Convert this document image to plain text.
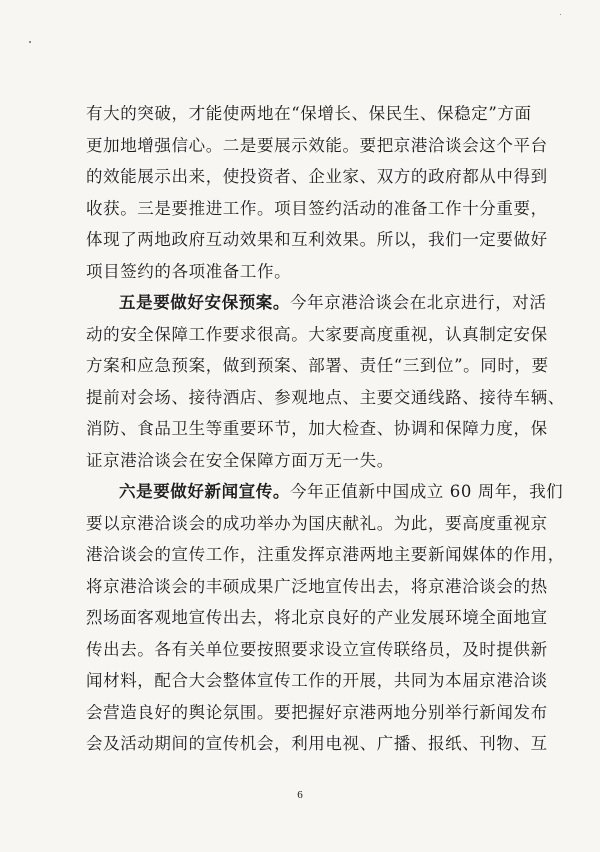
有大的突破，才能使两地在“保增长、保民生、保稳定”方面
更加地增强信心。二是要展示效能。要把京港洽谈会这个平台
的效能展示出来，使投资者、企业家、双方的政府都从中得到
收获。三是要推进工作。项目签约活动的准备工作十分重要，
体现了两地政府互动效果和互利效果。所以，我们一定要做好
项目签约的各项准备工作。
五是要做好安保预案。今年京港洽谈会在北京进行，对活
动的安全保障工作要求很高。大家要高度重视，认真制定安保
方案和应急预案，做到预案、部署、责任“三到位”。同时，要
提前对会场、接待酒店、参观地点、主要交通线路、接待车辆、
消防、食品卫生等重要环节，加大检查、协调和保障力度，保
证京港洽谈会在安全保障方面万无一失。
六是要做好新闻宣传。今年正值新中国成立 60 周年，我们
要以京港洽谈会的成功举办为国庆献礼。为此，要高度重视京
港洽谈会的宣传工作，注重发挥京港两地主要新闻媒体的作用，
将京港洽谈会的丰硕成果广泛地宣传出去，将京港洽谈会的热
烈场面客观地宣传出去，将北京良好的产业发展环境全面地宣
传出去。各有关单位要按照要求设立宣传联络员，及时提供新
闻材料，配合大会整体宣传工作的开展，共同为本届京港洽谈
会营造良好的舆论氛围。要把握好京港两地分别举行新闻发布
会及活动期间的宣传机会，利用电视、广播、报纸、刊物、互
6
